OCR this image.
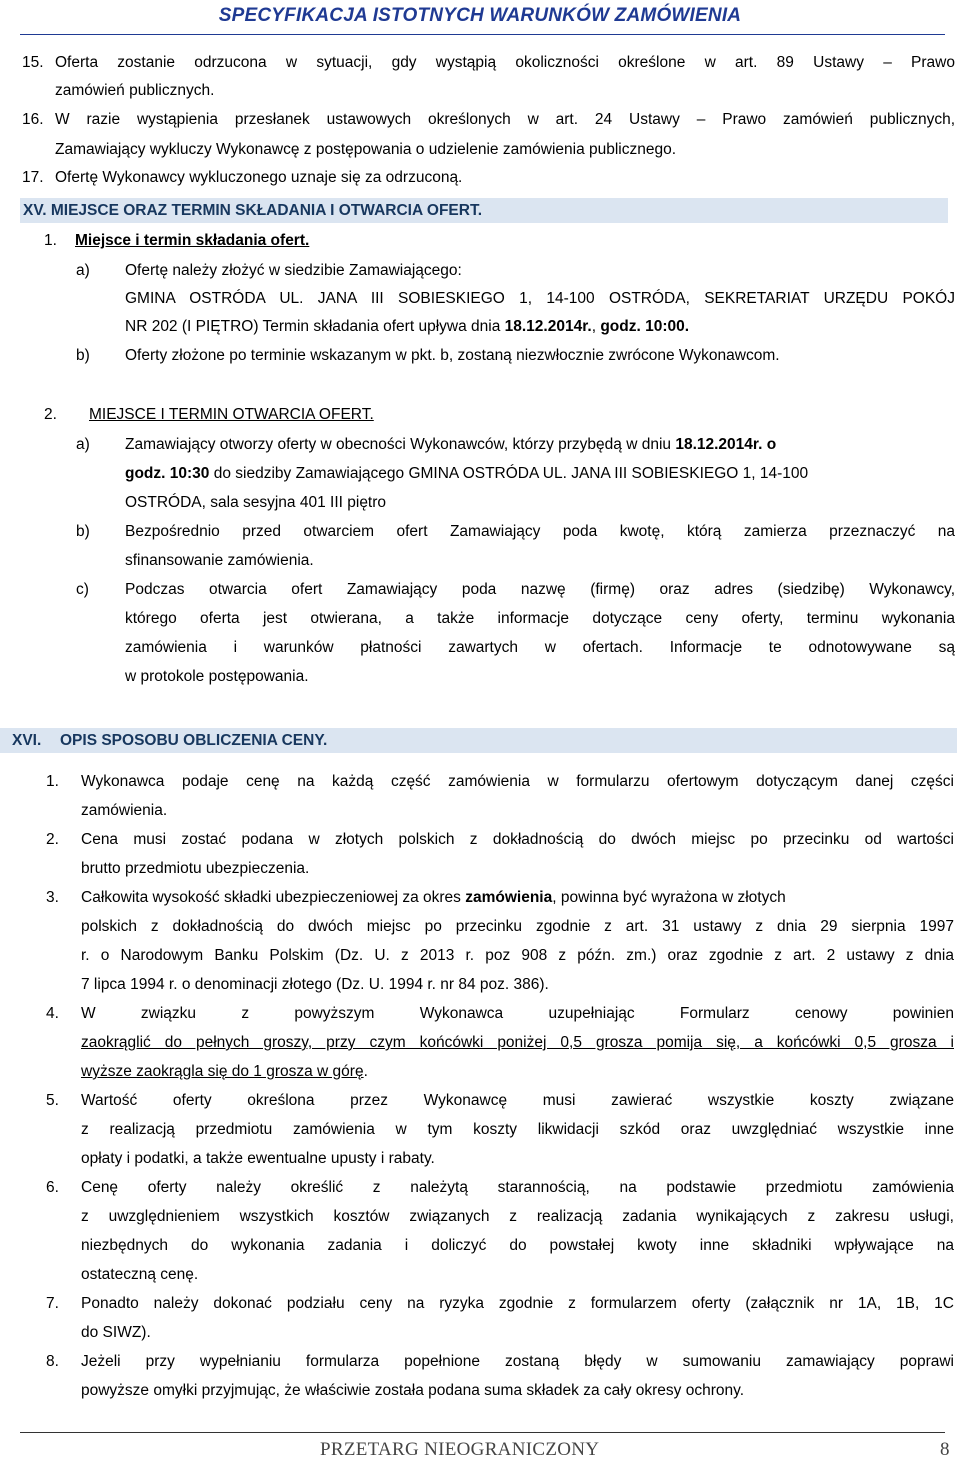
SPECYFIKACJA ISTOTNYCH WARUNKÓW ZAMÓWIENIA
15. Oferta zostanie odrzucona w sytuacji, gdy wystąpią okoliczności określone w art. 89 Ustawy – Prawo
zamówień publicznych.
16. W razie wystąpienia przesłanek ustawowych określonych w art. 24 Ustawy – Prawo zamówień publicznych,
Zamawiający wykluczy Wykonawcę z postępowania o udzielenie zamówienia publicznego.
17. Ofertę Wykonawcy wykluczonego uznaje się za odrzuconą.
XV. MIEJSCE ORAZ TERMIN SKŁADANIA I OTWARCIA OFERT.
1. Miejsce i termin składania ofert.
a) Ofertę należy złożyć w siedzibie Zamawiającego:
GMINA OSTRÓDA UL. JANA III SOBIESKIEGO 1, 14-100 OSTRÓDA, SEKRETARIAT URZĘDU POKÓJ
NR 202 (I PIĘTRO) Termin składania ofert upływa dnia 18.12.2014r., godz. 10:00.
b) Oferty złożone po terminie wskazanym w pkt. b, zostaną niezwłocznie zwrócone Wykonawcom.
2. MIEJSCE I TERMIN OTWARCIA OFERT.
a) Zamawiający otworzy oferty w obecności Wykonawców, którzy przybędą w dniu 18.12.2014r. o
godz. 10:30 do siedziby Zamawiającego GMINA OSTRÓDA UL. JANA III SOBIESKIEGO 1, 14-100
OSTRÓDA, sala sesyjna 401 III piętro
b) Bezpośrednio przed otwarciem ofert Zamawiający poda kwotę, którą zamierza przeznaczyć na
sfinansowanie zamówienia.
c) Podczas otwarcia ofert Zamawiający poda nazwę (firmę) oraz adres (siedzibę) Wykonawcy,
którego oferta jest otwierana, a także informacje dotyczące ceny oferty, terminu wykonania
zamówienia i warunków płatności zawartych w ofertach. Informacje te odnotowywane są
w protokole postępowania.
XVI. OPIS SPOSOBU OBLICZENIA CENY.
1. Wykonawca podaje cenę na każdą część zamówienia w formularzu ofertowym dotyczącym danej części
zamówienia.
2. Cena musi zostać podana w złotych polskich z dokładnością do dwóch miejsc po przecinku od wartości
brutto przedmiotu ubezpieczenia.
3. Całkowita wysokość składki ubezpieczeniowej za okres zamówienia, powinna być wyrażona w złotych
polskich z dokładnością do dwóch miejsc po przecinku zgodnie z art. 31 ustawy z dnia 29 sierpnia 1997
r. o Narodowym Banku Polskim (Dz. U. z 2013 r. poz 908 z późn. zm.) oraz zgodnie z art. 2 ustawy z dnia
7 lipca 1994 r. o denominacji złotego (Dz. U. 1994 r. nr 84 poz. 386).
4. W związku z powyższym Wykonawca uzupełniając Formularz cenowy powinien
zaokrąglić do pełnych groszy, przy czym końcówki poniżej 0,5 grosza pomija się, a końcówki 0,5 grosza i
wyższe zaokrągla się do 1 grosza w górę.
5. Wartość oferty określona przez Wykonawcę musi zawierać wszystkie koszty związane
z realizacją przedmiotu zamówienia w tym koszty likwidacji szkód oraz uwzględniać wszystkie inne
opłaty i podatki, a także ewentualne upusty i rabaty.
6. Cenę oferty należy określić z należytą starannością, na podstawie przedmiotu zamówienia
z uwzględnieniem wszystkich kosztów związanych z realizacją zadania wynikających z zakresu usługi,
niezbędnych do wykonania zadania i doliczyć do powstałej kwoty inne składniki wpływające na
ostateczną cenę.
7. Ponadto należy dokonać podziału ceny na ryzyka zgodnie z formularzem oferty (załącznik nr 1A, 1B, 1C
do SIWZ).
8. Jeżeli przy wypełnianiu formularza popełnione zostaną błędy w sumowaniu zamawiający poprawi
powyższe omyłki przyjmując, że właściwie została podana suma składek za cały okresy ochrony.
PRZETARG NIEOGRANICZONY	8
